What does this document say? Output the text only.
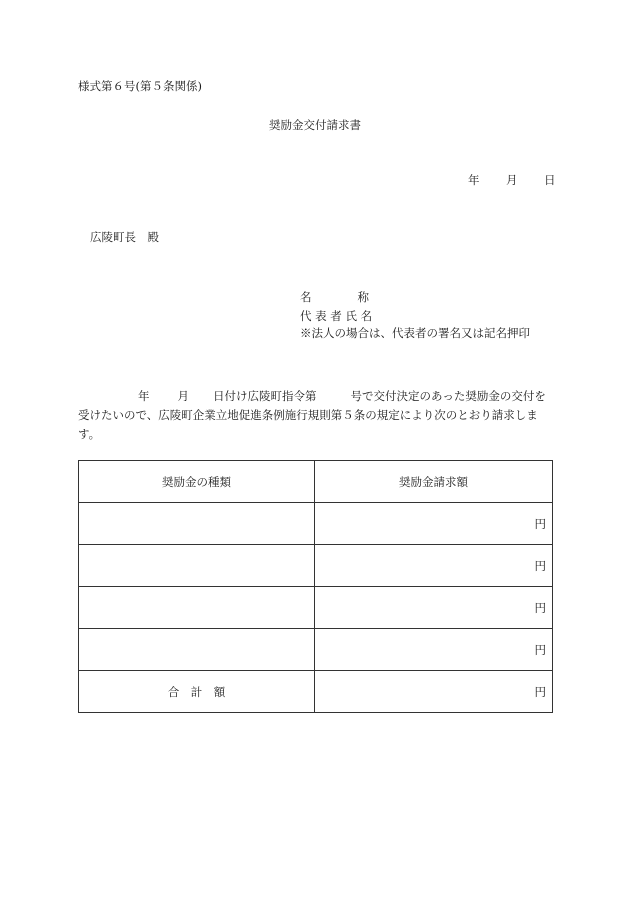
様式第６号(第５条関係)
奨励金交付請求書
年 月 日
広陵町長　殿
名　　　　称
代 表 者 氏 名
※法人の場合は、代表者の署名又は記名押印
年 月 日付け広陵町指令第	号で交付決定のあった奨励金の交付を受けたいので、広陵町企業立地促進条例施行規則第５条の規定により次のとおり請求します。
奨励金の種類	奨励金請求額
	円
	円
	円
	円
合　計　額	円
